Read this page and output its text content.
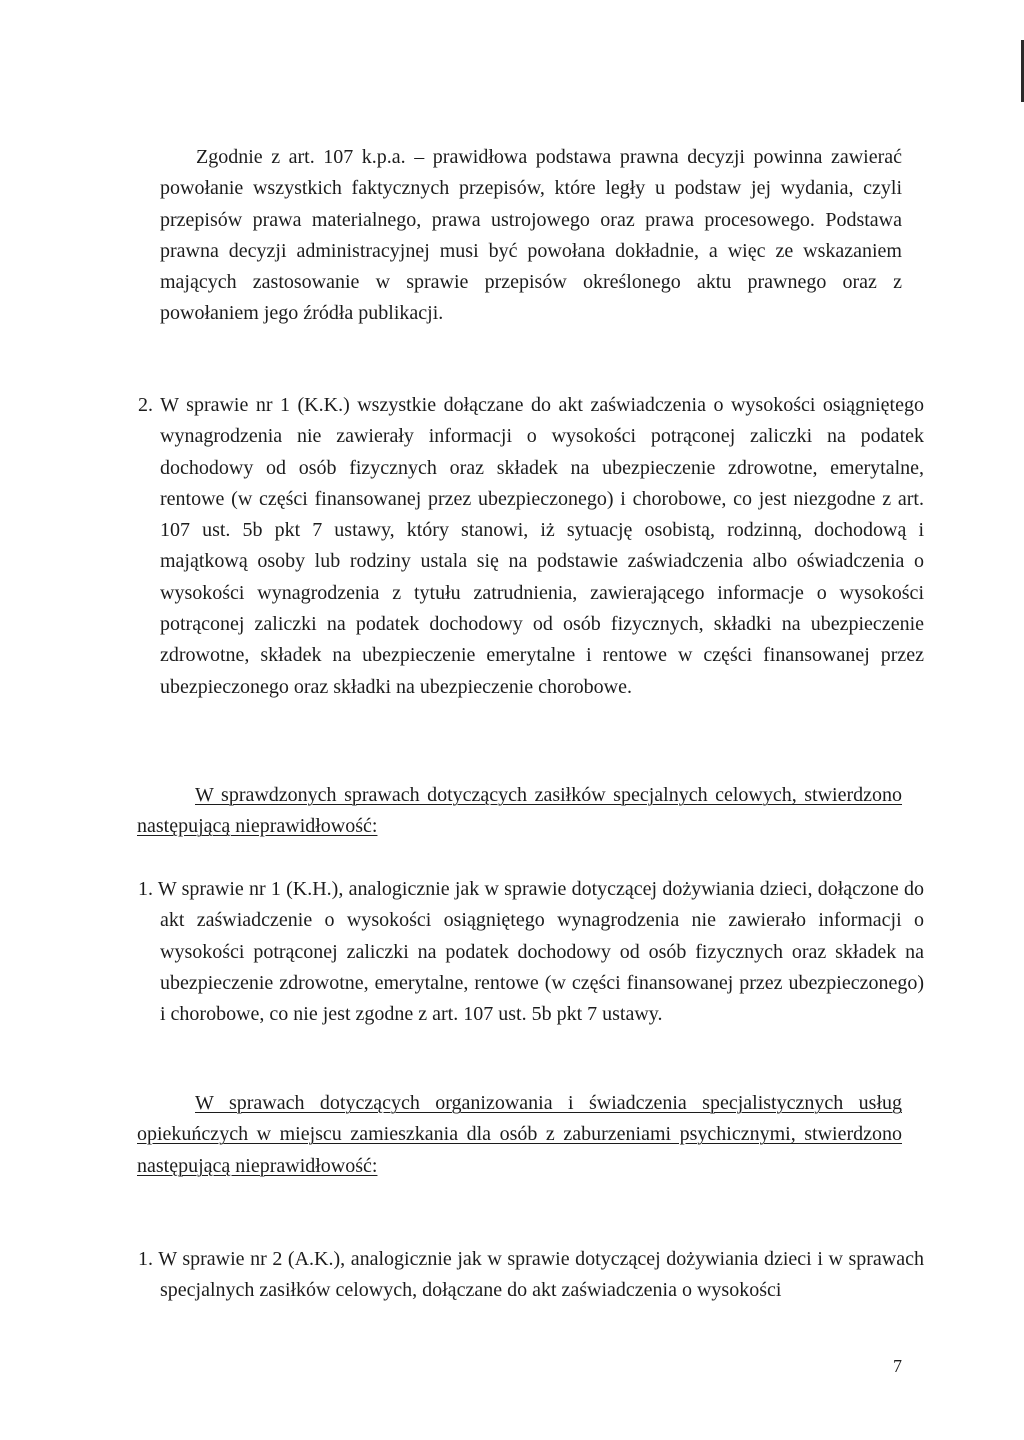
Zgodnie z art. 107 k.p.a. – prawidłowa podstawa prawna decyzji powinna zawierać powołanie wszystkich faktycznych przepisów, które legły u podstaw jej wydania, czyli przepisów prawa materialnego, prawa ustrojowego oraz prawa procesowego. Podstawa prawna decyzji administracyjnej musi być powołana dokładnie, a więc ze wskazaniem mających zastosowanie w sprawie przepisów określonego aktu prawnego oraz z powołaniem jego źródła publikacji.

2. W sprawie nr 1 (K.K.) wszystkie dołączane do akt zaświadczenia o wysokości osiągniętego wynagrodzenia nie zawierały informacji o wysokości potrąconej zaliczki na podatek dochodowy od osób fizycznych oraz składek na ubezpieczenie zdrowotne, emerytalne, rentowe (w części finansowanej przez ubezpieczonego) i chorobowe, co jest niezgodne z art. 107 ust. 5b pkt 7 ustawy, który stanowi, iż sytuację osobistą, rodzinną, dochodową i majątkową osoby lub rodziny ustala się na podstawie zaświadczenia albo oświadczenia o wysokości wynagrodzenia z tytułu zatrudnienia, zawierającego informacje o wysokości potrąconej zaliczki na podatek dochodowy od osób fizycznych, składki na ubezpieczenie zdrowotne, składek na ubezpieczenie emerytalne i rentowe w części finansowanej przez ubezpieczonego oraz składki na ubezpieczenie chorobowe.

W sprawdzonych sprawach dotyczących zasiłków specjalnych celowych, stwierdzono następującą nieprawidłowość:

1. W sprawie nr 1 (K.H.), analogicznie jak w sprawie dotyczącej dożywiania dzieci, dołączone do akt zaświadczenie o wysokości osiągniętego wynagrodzenia nie zawierało informacji o wysokości potrąconej zaliczki na podatek dochodowy od osób fizycznych oraz składek na ubezpieczenie zdrowotne, emerytalne, rentowe (w części finansowanej przez ubezpieczonego) i chorobowe, co nie jest zgodne z art. 107 ust. 5b pkt 7 ustawy.

W sprawach dotyczących organizowania i świadczenia specjalistycznych usług opiekuńczych w miejscu zamieszkania dla osób z zaburzeniami psychicznymi, stwierdzono następującą nieprawidłowość:

1. W sprawie nr 2 (A.K.), analogicznie jak w sprawie dotyczącej dożywiania dzieci i w sprawach specjalnych zasiłków celowych, dołączane do akt zaświadczenia o wysokości

7
